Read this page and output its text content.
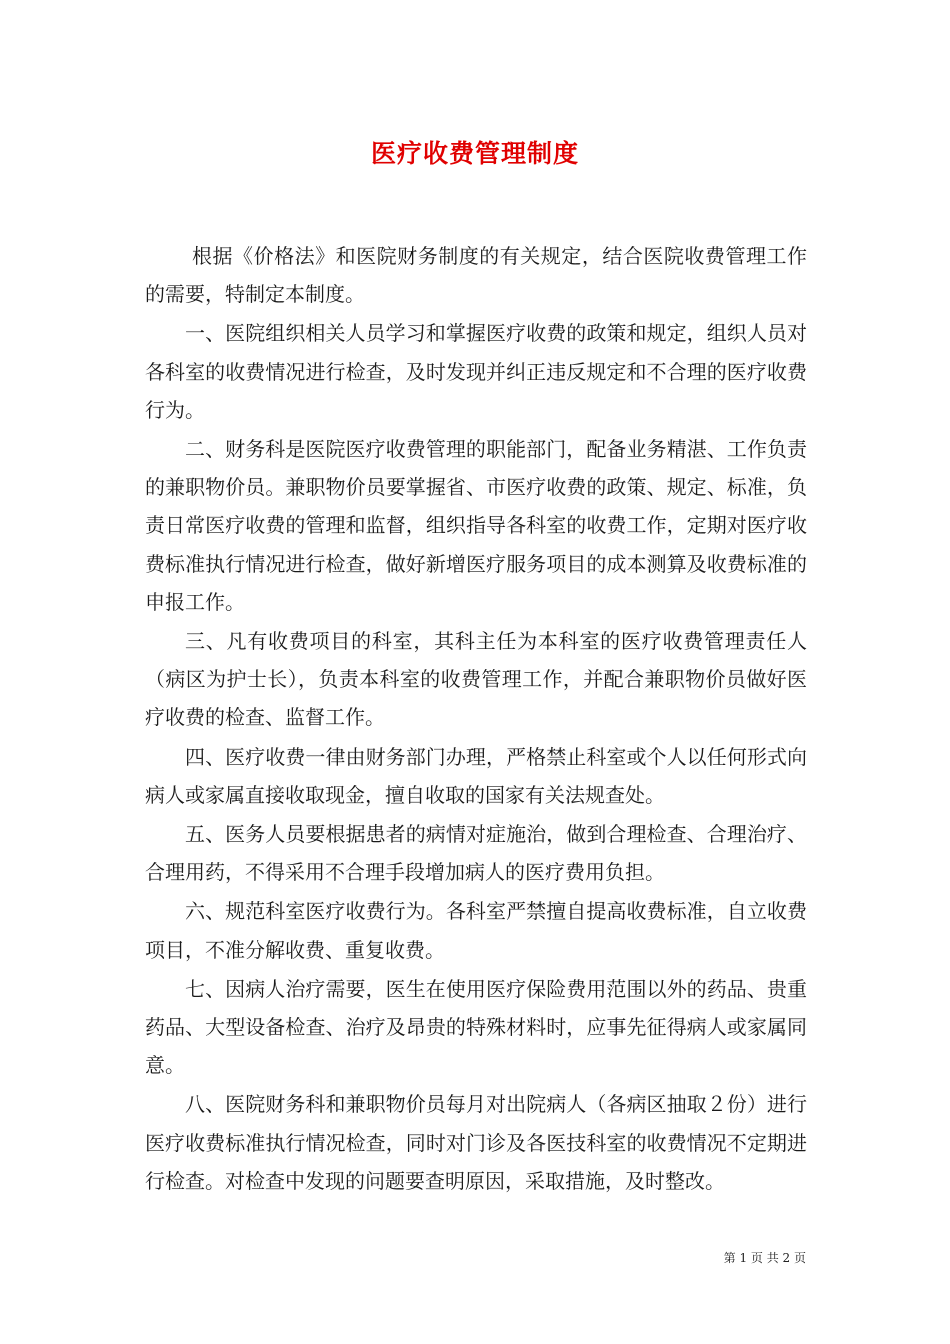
医疗收费管理制度

根据《价格法》和医院财务制度的有关规定，结合医院收费管理工作的需要，特制定本制度。

一、医院组织相关人员学习和掌握医疗收费的政策和规定，组织人员对各科室的收费情况进行检查，及时发现并纠正违反规定和不合理的医疗收费行为。

二、财务科是医院医疗收费管理的职能部门，配备业务精湛、工作负责的兼职物价员。兼职物价员要掌握省、市医疗收费的政策、规定、标准，负责日常医疗收费的管理和监督，组织指导各科室的收费工作，定期对医疗收费标准执行情况进行检查，做好新增医疗服务项目的成本测算及收费标准的申报工作。

三、凡有收费项目的科室，其科主任为本科室的医疗收费管理责任人（病区为护士长），负责本科室的收费管理工作，并配合兼职物价员做好医疗收费的检查、监督工作。

四、医疗收费一律由财务部门办理，严格禁止科室或个人以任何形式向病人或家属直接收取现金，擅自收取的国家有关法规查处。

五、医务人员要根据患者的病情对症施治，做到合理检查、合理治疗、合理用药，不得采用不合理手段增加病人的医疗费用负担。

六、规范科室医疗收费行为。各科室严禁擅自提高收费标准，自立收费项目，不准分解收费、重复收费。

七、因病人治疗需要，医生在使用医疗保险费用范围以外的药品、贵重药品、大型设备检查、治疗及昂贵的特殊材料时，应事先征得病人或家属同意。

八、医院财务科和兼职物价员每月对出院病人（各病区抽取２份）进行医疗收费标准执行情况检查，同时对门诊及各医技科室的收费情况不定期进行检查。对检查中发现的问题要查明原因，采取措施，及时整改。

第 1 页 共 2 页
